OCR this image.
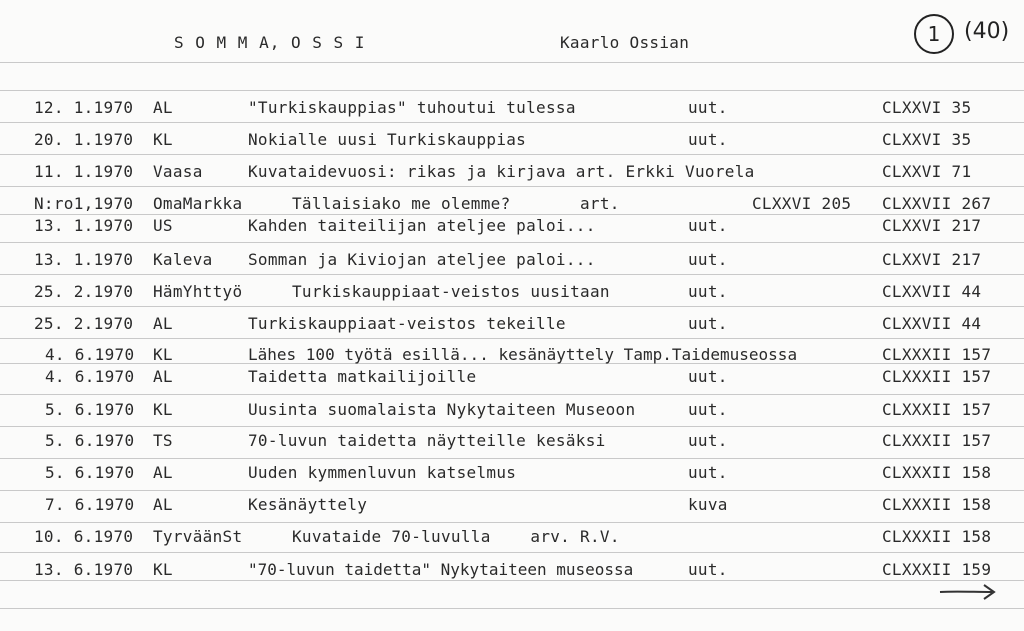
S O M M A, O S S I	Kaarlo Ossian	1	(40)
12. 1.1970 AL	"Turkiskauppias" tuhoutui tulessa	uut.	CLXXVI 35
20. 1.1970 KL	Nokialle uusi Turkiskauppias	uut.	CLXXVI 35
11. 1.1970 Vaasa	Kuvataidevuosi: rikas ja kirjava art. Erkki Vuorela	CLXXVI 71
N:ro1,1970 OmaMarkka	Tällaisiako me olemme?	art.	CLXXVI 205 CLXXVII 267
13. 1.1970 US	Kahden taiteilijan ateljee paloi...	uut.	CLXXVI 217
13. 1.1970 Kaleva Somman ja Kiviojan ateljee paloi...	uut.	CLXXVI 217
25. 2.1970 HämYhttyö	Turkiskauppiaat-veistos uusitaan	uut.	CLXXVII 44
25. 2.1970 AL	Turkiskauppiaat-veistos tekeille	uut.	CLXXVII 44
4. 6.1970 KL	Lähes 100 työtä esillä... kesänäyttely Tamp.Taidemuseossa	CLXXXII 157
4. 6.1970 AL	Taidetta matkailijoille	uut.	CLXXXII 157
5. 6.1970 KL	Uusinta suomalaista Nykytaiteen Museoon	uut.	CLXXXII 157
5. 6.1970 TS	70-luvun taidetta näytteille kesäksi	uut.	CLXXXII 157
5. 6.1970 AL	Uuden kymmenluvun katselmus	uut.	CLXXXII 158
7. 6.1970 AL	Kesänäyttely	kuva	CLXXXII 158
10. 6.1970 TyrväänSt	Kuvataide 70-luvulla    arv. R.V.	CLXXXII 158
13. 6.1970 KL	"70-luvun taidetta" Nykytaiteen museossa	uut.	CLXXXII 159
